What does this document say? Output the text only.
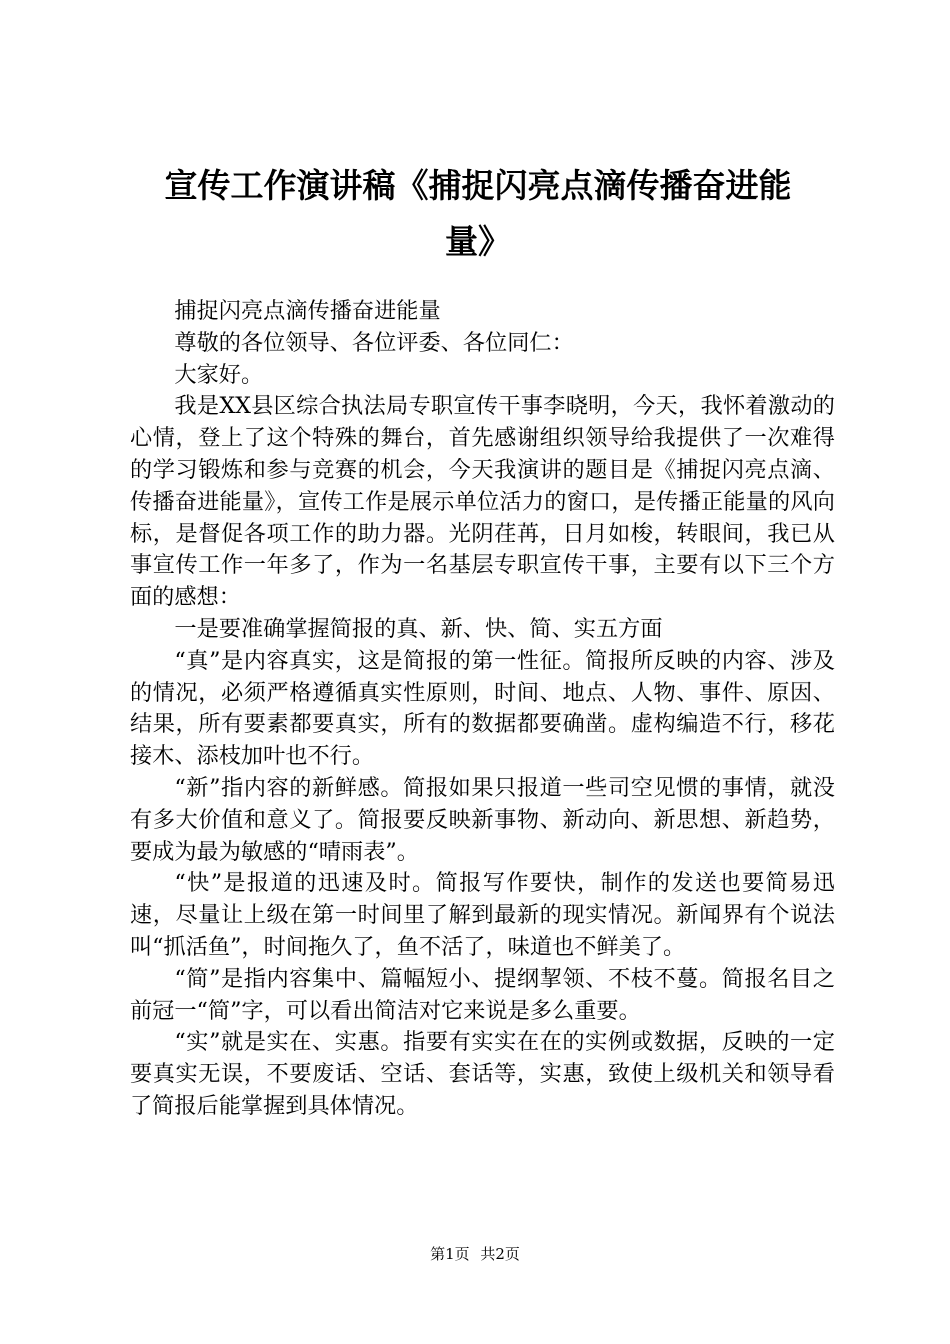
宣传工作演讲稿《捕捉闪亮点滴传播奋进能
量》

捕捉闪亮点滴传播奋进能量

尊敬的各位领导、各位评委、各位同仁：

大家好。

我是XX县区综合执法局专职宣传干事李晓明，今天，我怀着激动的心情，登上了这个特殊的舞台，首先感谢组织领导给我提供了一次难得的学习锻炼和参与竞赛的机会，今天我演讲的题目是《捕捉闪亮点滴、传播奋进能量》，宣传工作是展示单位活力的窗口，是传播正能量的风向标，是督促各项工作的助力器。光阴荏苒，日月如梭，转眼间，我已从事宣传工作一年多了，作为一名基层专职宣传干事，主要有以下三个方面的感想：

一是要准确掌握简报的真、新、快、简、实五方面

“真”是内容真实，这是简报的第一性征。简报所反映的内容、涉及的情况，必须严格遵循真实性原则，时间、地点、人物、事件、原因、结果，所有要素都要真实，所有的数据都要确凿。虚构编造不行，移花接木、添枝加叶也不行。

“新”指内容的新鲜感。简报如果只报道一些司空见惯的事情，就没有多大价值和意义了。简报要反映新事物、新动向、新思想、新趋势，要成为最为敏感的“晴雨表”。

“快”是报道的迅速及时。简报写作要快，制作的发送也要简易迅速，尽量让上级在第一时间里了解到最新的现实情况。新闻界有个说法叫“抓活鱼”，时间拖久了，鱼不活了，味道也不鲜美了。

“简”是指内容集中、篇幅短小、提纲挈领、不枝不蔓。简报名目之前冠一“简”字，可以看出简洁对它来说是多么重要。

“实”就是实在、实惠。指要有实实在在的实例或数据，反映的一定要真实无误，不要废话、空话、套话等，实惠，致使上级机关和领导看了简报后能掌握到具体情况。

第1页 共2页
